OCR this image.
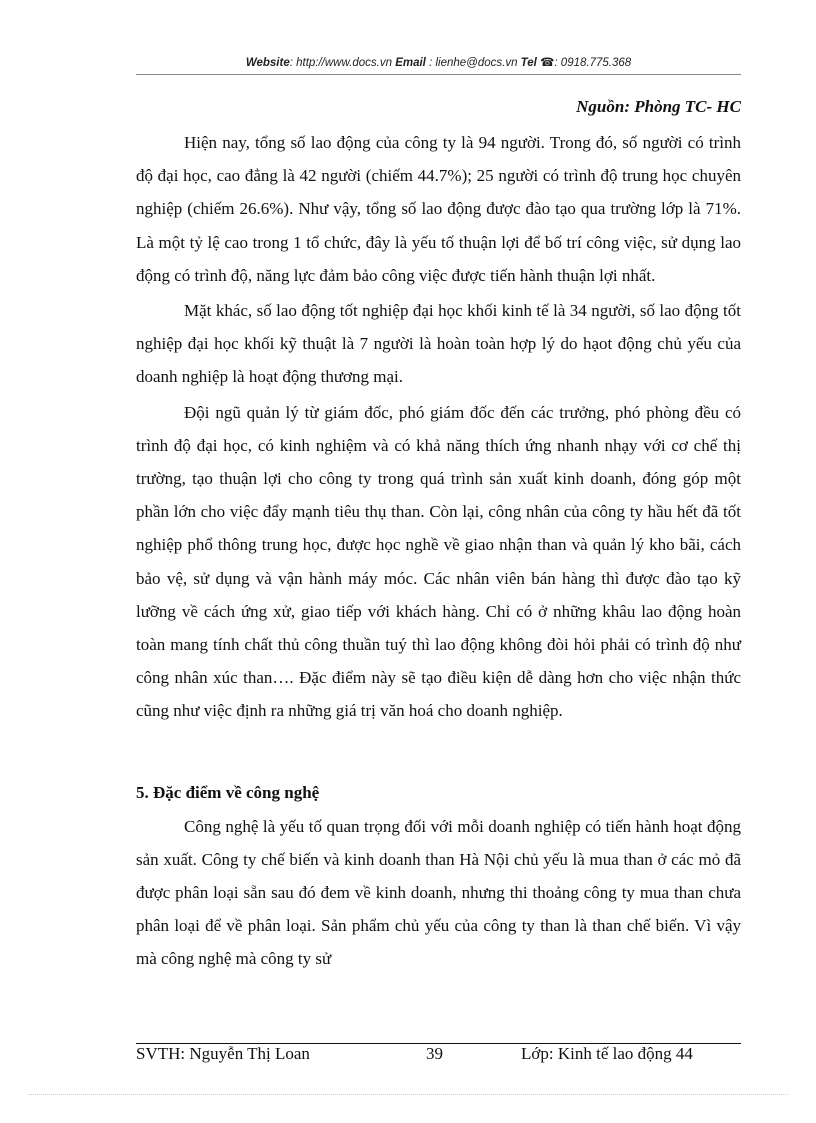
Website: http://www.docs.vn Email : lienhe@docs.vn Tel ☎: 0918.775.368
Nguồn: Phòng TC- HC

Hiện nay, tổng số lao động của công ty là 94 người. Trong đó, số người có trình độ đại học, cao đẳng là 42 người (chiếm 44.7%); 25 người có trình độ trung học chuyên nghiệp (chiếm 26.6%). Như vậy, tổng số lao động được đào tạo qua trường lớp là 71%. Là một tỷ lệ cao trong 1 tổ chức, đây là yếu tố thuận lợi để bố trí công việc, sử dụng lao động có trình độ, năng lực đảm bảo công việc được tiến hành thuận lợi nhất.

Mặt khác, số lao động tốt nghiệp đại học khối kinh tế là 34 người, số lao động tốt nghiệp đại học khối kỹ thuật là 7 người là hoàn toàn hợp lý do hạot động chủ yếu của doanh nghiệp là hoạt động thương mại.

Đội ngũ quản lý từ giám đốc, phó giám đốc đến các trưởng, phó phòng đều có trình độ đại học, có kinh nghiệm và có khả năng thích ứng nhanh nhạy với cơ chế thị trường, tạo thuận lợi cho công ty trong quá trình sản xuất kinh doanh, đóng góp một phần lớn cho việc đẩy mạnh tiêu thụ than. Còn lại, công nhân của công ty hầu hết đã tốt nghiệp phổ thông trung học, được học nghề về giao nhận than và quản lý kho bãi, cách bảo vệ, sử dụng và vận hành máy móc. Các nhân viên bán hàng thì được đào tạo kỹ lưỡng về cách ứng xử, giao tiếp với khách hàng. Chỉ có ở những khâu lao động hoàn toàn mang tính chất thủ công thuần tuý thì lao động không đòi hỏi phải có trình độ như công nhân xúc than…. Đặc điểm này sẽ tạo điều kiện dễ dàng hơn cho việc nhận thức cũng như việc định ra những giá trị văn hoá cho doanh nghiệp.

5. Đặc điểm về công nghệ

Công nghệ là yếu tố quan trọng đối với mỗi doanh nghiệp có tiến hành hoạt động sản xuất. Công ty chế biến và kinh doanh than Hà Nội chủ yếu là mua than ở các mỏ đã được phân loại sẵn sau đó đem về kinh doanh, nhưng thi thoảng công ty mua than chưa phân loại để về phân loại. Sản phẩm chủ yếu của công ty than là than chế biến. Vì vậy mà công nghệ mà công ty sử

SVTH: Nguyễn Thị Loan	39	Lớp: Kinh tế lao động 44
